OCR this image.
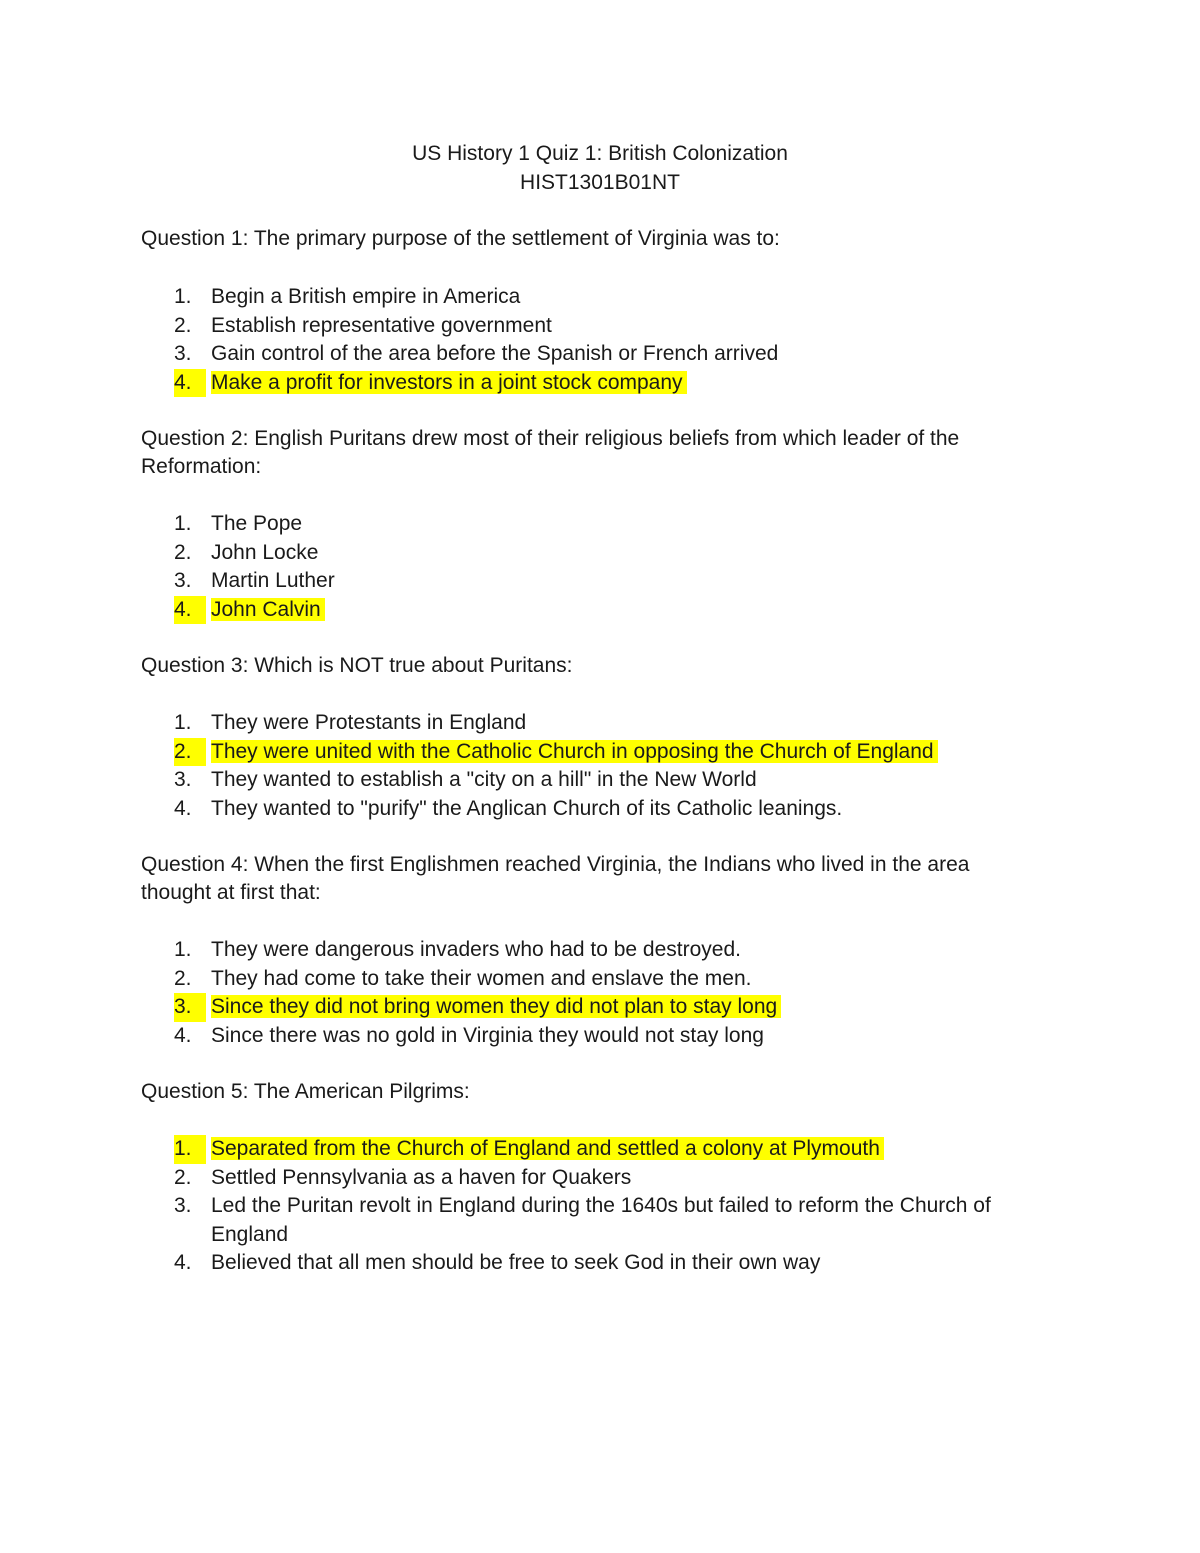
US History 1 Quiz 1: British Colonization
HIST1301B01NT

Question 1: The primary purpose of the settlement of Virginia was to:

1. Begin a British empire in America
2. Establish representative government
3. Gain control of the area before the Spanish or French arrived
4. Make a profit for investors in a joint stock company

Question 2: English Puritans drew most of their religious beliefs from which leader of the Reformation:

1. The Pope
2. John Locke
3. Martin Luther
4. John Calvin

Question 3: Which is NOT true about Puritans:

1. They were Protestants in England
2. They were united with the Catholic Church in opposing the Church of England
3. They wanted to establish a "city on a hill" in the New World
4. They wanted to "purify" the Anglican Church of its Catholic leanings.

Question 4: When the first Englishmen reached Virginia, the Indians who lived in the area thought at first that:

1. They were dangerous invaders who had to be destroyed.
2. They had come to take their women and enslave the men.
3. Since they did not bring women they did not plan to stay long
4. Since there was no gold in Virginia they would not stay long

Question 5: The American Pilgrims:

1. Separated from the Church of England and settled a colony at Plymouth
2. Settled Pennsylvania as a haven for Quakers
3. Led the Puritan revolt in England during the 1640s but failed to reform the Church of England
4. Believed that all men should be free to seek God in their own way
